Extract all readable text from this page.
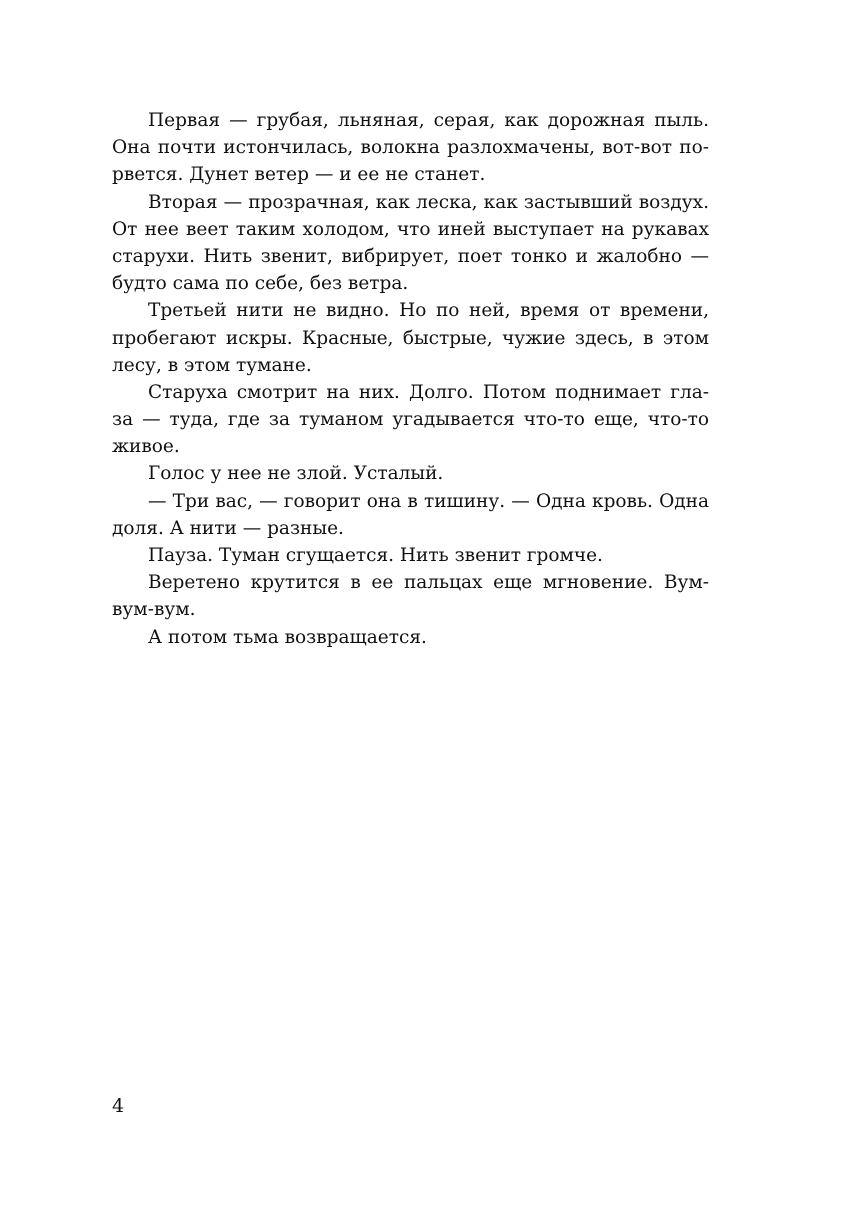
Первая — грубая, льняная, серая, как дорожная пыль.
Она почти истончилась, волокна разлохмачены, вот-вот по-
рвется. Дунет ветер — и ее не станет.
Вторая — прозрачная, как леска, как застывший воздух.
От нее веет таким холодом, что иней выступает на рукавах
старухи. Нить звенит, вибрирует, поет тонко и жалобно —
будто сама по себе, без ветра.
Третьей нити не видно. Но по ней, время от времени,
пробегают искры. Красные, быстрые, чужие здесь, в этом
лесу, в этом тумане.
Старуха смотрит на них. Долго. Потом поднимает гла-
за — туда, где за туманом угадывается что-то еще, что-то
живое.
Голос у нее не злой. Усталый.
— Три вас, — говорит она в тишину. — Одна кровь. Одна
доля. А нити — разные.
Пауза. Туман сгущается. Нить звенит громче.
Веретено крутится в ее пальцах еще мгновение. Вум-
вум-вум.
А потом тьма возвращается.
4
